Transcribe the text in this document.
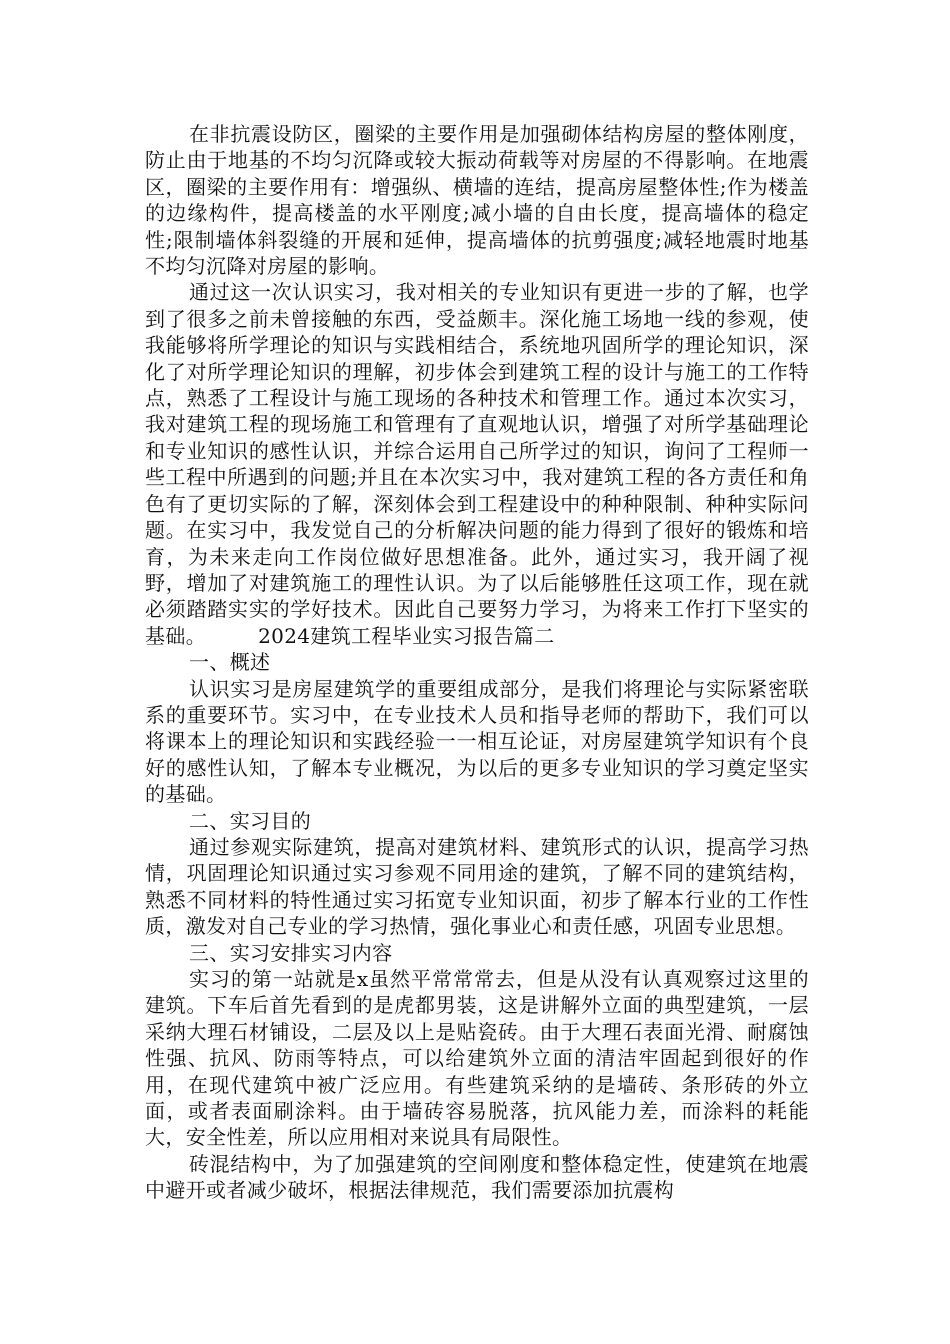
在非抗震设防区，圈梁的主要作用是加强砌体结构房屋的整体刚度，防止由于地基的不均匀沉降或较大振动荷载等对房屋的不得影响。在地震区，圈梁的主要作用有：增强纵、横墙的连结，提高房屋整体性;作为楼盖的边缘构件，提高楼盖的水平刚度;减小墙的自由长度，提高墙体的稳定性;限制墙体斜裂缝的开展和延伸，提高墙体的抗剪强度;减轻地震时地基不均匀沉降对房屋的影响。

通过这一次认识实习，我对相关的专业知识有更进一步的了解，也学到了很多之前未曾接触的东西，受益颇丰。深化施工场地一线的参观，使我能够将所学理论的知识与实践相结合，系统地巩固所学的理论知识，深化了对所学理论知识的理解，初步体会到建筑工程的设计与施工的工作特点，熟悉了工程设计与施工现场的各种技术和管理工作。通过本次实习，我对建筑工程的现场施工和管理有了直观地认识，增强了对所学基础理论和专业知识的感性认识，并综合运用自己所学过的知识，询问了工程师一些工程中所遇到的问题;并且在本次实习中，我对建筑工程的各方责任和角色有了更切实际的了解，深刻体会到工程建设中的种种限制、种种实际问题。在实习中，我发觉自己的分析解决问题的能力得到了很好的锻炼和培育，为未来走向工作岗位做好思想准备。此外，通过实习，我开阔了视野，增加了对建筑施工的理性认识。为了以后能够胜任这项工作，现在就必须踏踏实实的学好技术。因此自己要努力学习，为将来工作打下坚实的基础。	2024建筑工程毕业实习报告篇二

一、概述

认识实习是房屋建筑学的重要组成部分，是我们将理论与实际紧密联系的重要环节。实习中，在专业技术人员和指导老师的帮助下，我们可以将课本上的理论知识和实践经验一一相互论证，对房屋建筑学知识有个良好的感性认知，了解本专业概况，为以后的更多专业知识的学习奠定坚实的基础。

二、实习目的

通过参观实际建筑，提高对建筑材料、建筑形式的认识，提高学习热情，巩固理论知识通过实习参观不同用途的建筑，了解不同的建筑结构，熟悉不同材料的特性通过实习拓宽专业知识面，初步了解本行业的工作性质，激发对自己专业的学习热情，强化事业心和责任感，巩固专业思想。

三、实习安排实习内容

实习的第一站就是x虽然平常常常去，但是从没有认真观察过这里的建筑。下车后首先看到的是虎都男装，这是讲解外立面的典型建筑，一层采纳大理石材铺设，二层及以上是贴瓷砖。由于大理石表面光滑、耐腐蚀性强、抗风、防雨等特点，可以给建筑外立面的清洁牢固起到很好的作用，在现代建筑中被广泛应用。有些建筑采纳的是墙砖、条形砖的外立面，或者表面刷涂料。由于墙砖容易脱落，抗风能力差，而涂料的耗能大，安全性差，所以应用相对来说具有局限性。

砖混结构中，为了加强建筑的空间刚度和整体稳定性，使建筑在地震中避开或者减少破坏，根据法律规范，我们需要添加抗震构
